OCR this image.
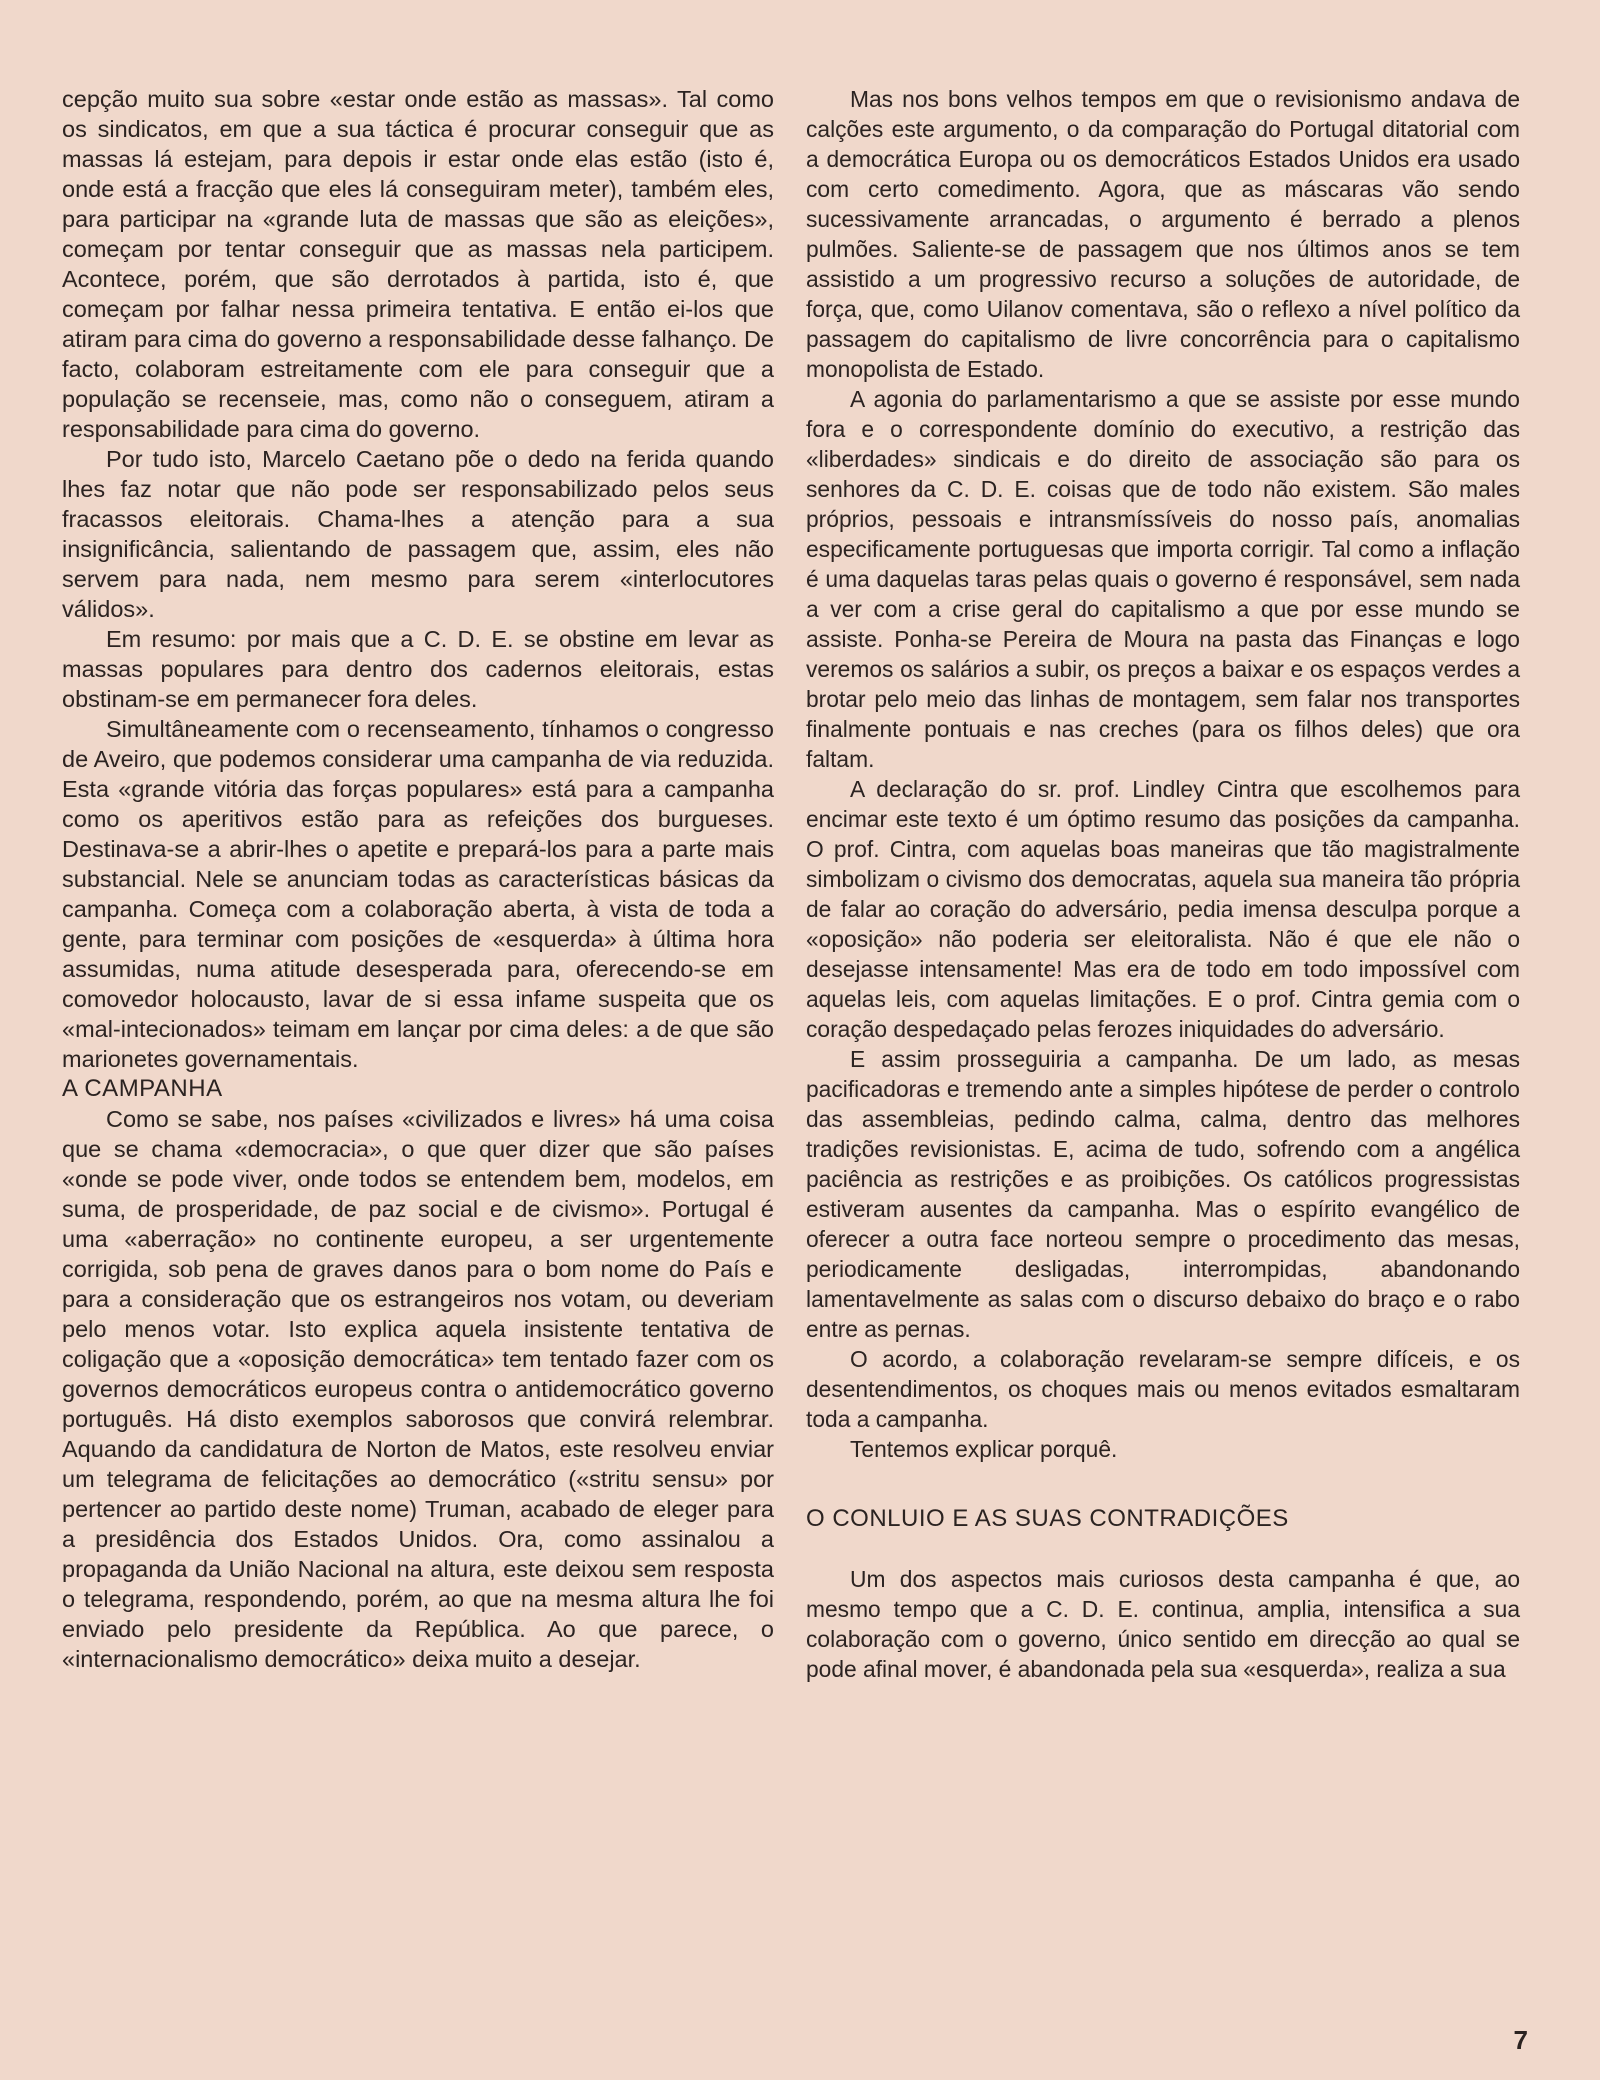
cepção muito sua sobre «estar onde estão as massas». Tal como os sindicatos, em que a sua táctica é procurar conseguir que as massas lá estejam, para depois ir estar onde elas estão (isto é, onde está a fracção que eles lá conseguiram meter), também eles, para participar na «grande luta de massas que são as eleições», começam por tentar conseguir que as massas nela participem. Acontece, porém, que são derrotados à partida, isto é, que começam por falhar nessa primeira tentativa. E então ei-los que atiram para cima do governo a responsabilidade desse falhanço. De facto, colaboram estreitamente com ele para conseguir que a população se recenseie, mas, como não o conseguem, atiram a responsabilidade para cima do governo.

Por tudo isto, Marcelo Caetano põe o dedo na ferida quando lhes faz notar que não pode ser responsabilizado pelos seus fracassos eleitorais. Chama-lhes a atenção para a sua insignificância, salientando de passagem que, assim, eles não servem para nada, nem mesmo para serem «interlocutores válidos».

Em resumo: por mais que a C. D. E. se obstine em levar as massas populares para dentro dos cadernos eleitorais, estas obstinam-se em permanecer fora deles.

Simultâneamente com o recenseamento, tínhamos o congresso de Aveiro, que podemos considerar uma campanha de via reduzida. Esta «grande vitória das forças populares» está para a campanha como os aperitivos estão para as refeições dos burgueses. Destinava-se a abrir-lhes o apetite e prepará-los para a parte mais substancial. Nele se anunciam todas as características básicas da campanha. Começa com a colaboração aberta, à vista de toda a gente, para terminar com posições de «esquerda» à última hora assumidas, numa atitude desesperada para, oferecendo-se em comovedor holocausto, lavar de si essa infame suspeita que os «mal-intecionados» teimam em lançar por cima deles: a de que são marionetes governamentais.

A CAMPANHA

Como se sabe, nos países «civilizados e livres» há uma coisa que se chama «democracia», o que quer dizer que são países «onde se pode viver, onde todos se entendem bem, modelos, em suma, de prosperidade, de paz social e de civismo». Portugal é uma «aberração» no continente europeu, a ser urgentemente corrigida, sob pena de graves danos para o bom nome do País e para a consideração que os estrangeiros nos votam, ou deveriam pelo menos votar. Isto explica aquela insistente tentativa de coligação que a «oposição democrática» tem tentado fazer com os governos democráticos europeus contra o antidemocrático governo português. Há disto exemplos saborosos que convirá relembrar. Aquando da candidatura de Norton de Matos, este resolveu enviar um telegrama de felicitações ao democrático («stritu sensu» por pertencer ao partido deste nome) Truman, acabado de eleger para a presidência dos Estados Unidos. Ora, como assinalou a propaganda da União Nacional na altura, este deixou sem resposta o telegrama, respondendo, porém, ao que na mesma altura lhe foi enviado pelo presidente da República. Ao que parece, o «internacionalismo democrático» deixa muito a desejar.

Mas nos bons velhos tempos em que o revisionismo andava de calções este argumento, o da comparação do Portugal ditatorial com a democrática Europa ou os democráticos Estados Unidos era usado com certo comedimento. Agora, que as máscaras vão sendo sucessivamente arrancadas, o argumento é berrado a plenos pulmões. Saliente-se de passagem que nos últimos anos se tem assistido a um progressivo recurso a soluções de autoridade, de força, que, como Uilanov comentava, são o reflexo a nível político da passagem do capitalismo de livre concorrência para o capitalismo monopolista de Estado.

A agonia do parlamentarismo a que se assiste por esse mundo fora e o correspondente domínio do executivo, a restrição das «liberdades» sindicais e do direito de associação são para os senhores da C. D. E. coisas que de todo não existem. São males próprios, pessoais e intransmíssíveis do nosso país, anomalias especificamente portuguesas que importa corrigir. Tal como a inflação é uma daquelas taras pelas quais o governo é responsável, sem nada a ver com a crise geral do capitalismo a que por esse mundo se assiste. Ponha-se Pereira de Moura na pasta das Finanças e logo veremos os salários a subir, os preços a baixar e os espaços verdes a brotar pelo meio das linhas de montagem, sem falar nos transportes finalmente pontuais e nas creches (para os filhos deles) que ora faltam.

A declaração do sr. prof. Lindley Cintra que escolhemos para encimar este texto é um óptimo resumo das posições da campanha. O prof. Cintra, com aquelas boas maneiras que tão magistralmente simbolizam o civismo dos democratas, aquela sua maneira tão própria de falar ao coração do adversário, pedia imensa desculpa porque a «oposição» não poderia ser eleitoralista. Não é que ele não o desejasse intensamente! Mas era de todo em todo impossível com aquelas leis, com aquelas limitações. E o prof. Cintra gemia com o coração despedaçado pelas ferozes iniquidades do adversário.

E assim prosseguiria a campanha. De um lado, as mesas pacificadoras e tremendo ante a simples hipótese de perder o controlo das assembleias, pedindo calma, calma, dentro das melhores tradições revisionistas. E, acima de tudo, sofrendo com a angélica paciência as restrições e as proibições. Os católicos progressistas estiveram ausentes da campanha. Mas o espírito evangélico de oferecer a outra face norteou sempre o procedimento das mesas, periodicamente desligadas, interrompidas, abandonando lamentavelmente as salas com o discurso debaixo do braço e o rabo entre as pernas.

O acordo, a colaboração revelaram-se sempre difíceis, e os desentendimentos, os choques mais ou menos evitados esmaltaram toda a campanha.

Tentemos explicar porquê.

O CONLUIO E AS SUAS CONTRADIÇÕES

Um dos aspectos mais curiosos desta campanha é que, ao mesmo tempo que a C. D. E. continua, amplia, intensifica a sua colaboração com o governo, único sentido em direcção ao qual se pode afinal mover, é abandonada pela sua «esquerda», realiza a sua

7
